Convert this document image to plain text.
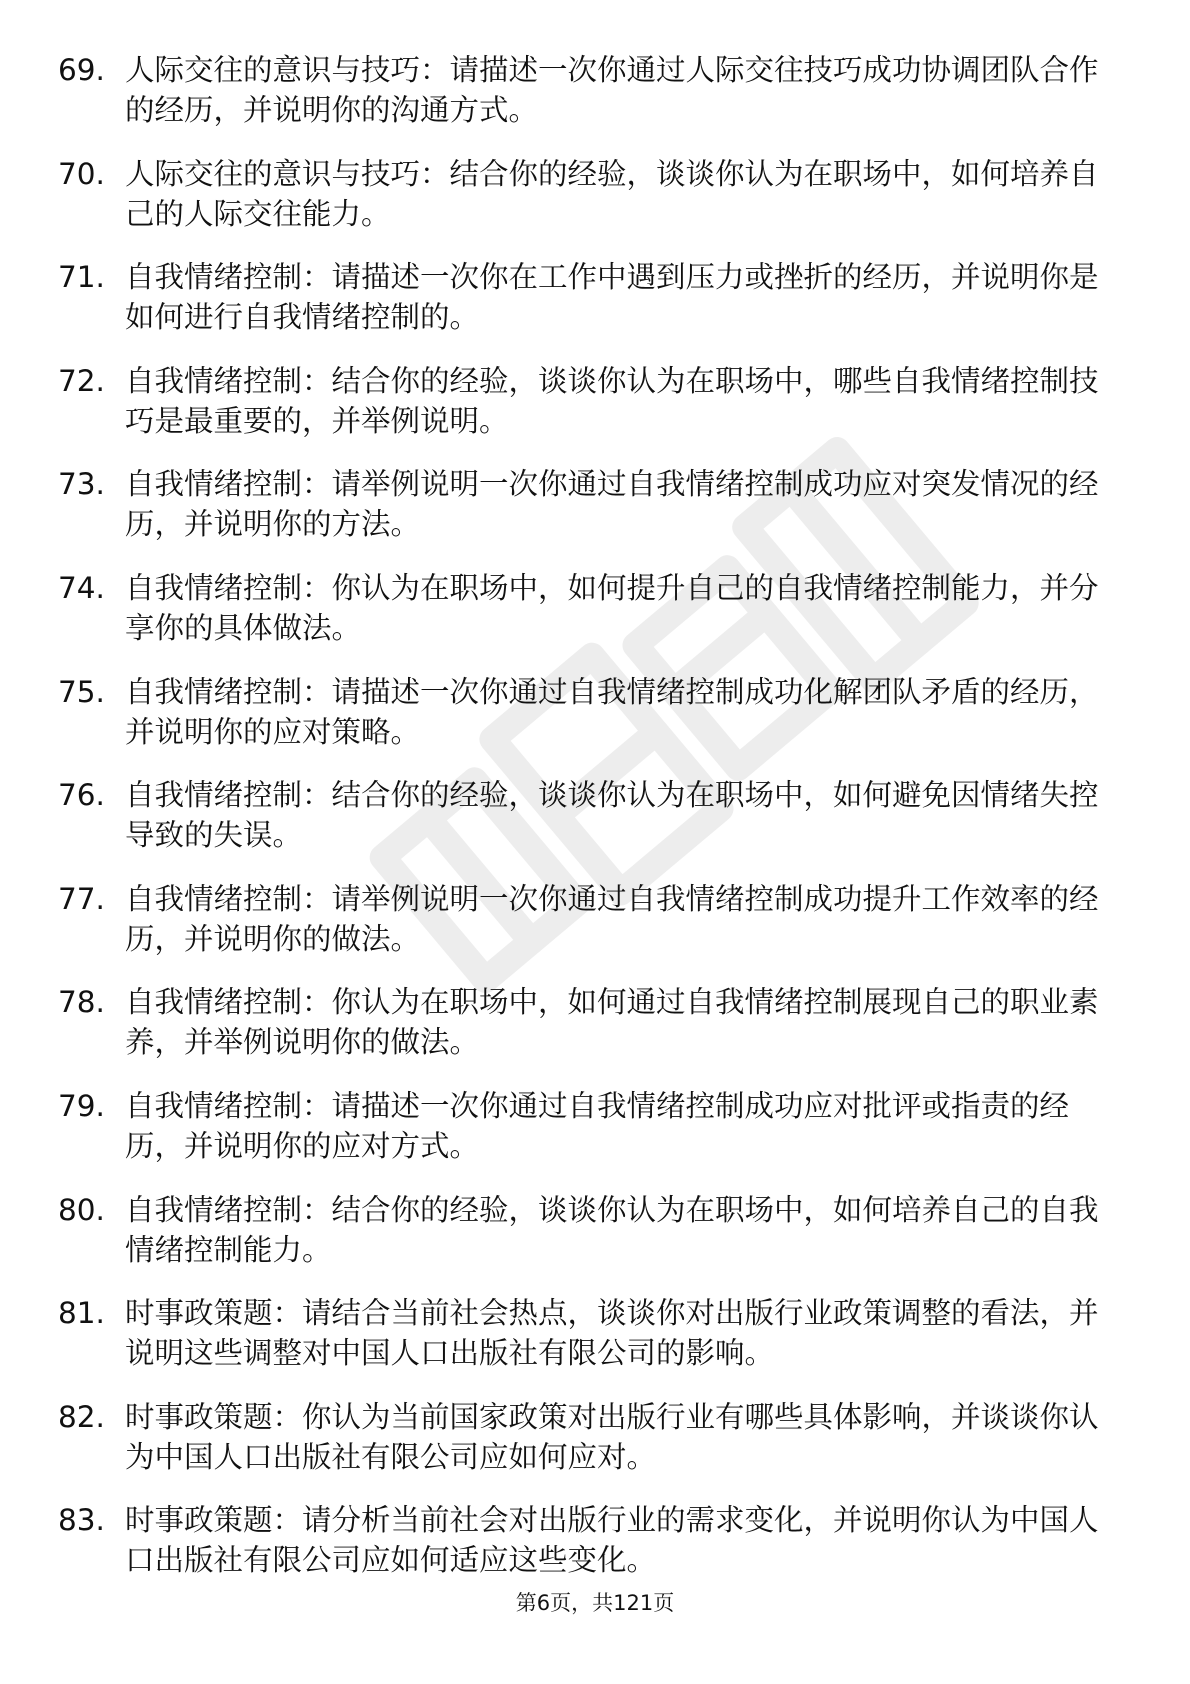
69. 人际交往的意识与技巧：请描述一次你通过人际交往技巧成功协调团队合作的经历，并说明你的沟通方式。
70. 人际交往的意识与技巧：结合你的经验，谈谈你认为在职场中，如何培养自己的人际交往能力。
71. 自我情绪控制：请描述一次你在工作中遇到压力或挫折的经历，并说明你是如何进行自我情绪控制的。
72. 自我情绪控制：结合你的经验，谈谈你认为在职场中，哪些自我情绪控制技巧是最重要的，并举例说明。
73. 自我情绪控制：请举例说明一次你通过自我情绪控制成功应对突发情况的经历，并说明你的方法。
74. 自我情绪控制：你认为在职场中，如何提升自己的自我情绪控制能力，并分享你的具体做法。
75. 自我情绪控制：请描述一次你通过自我情绪控制成功化解团队矛盾的经历，并说明你的应对策略。
76. 自我情绪控制：结合你的经验，谈谈你认为在职场中，如何避免因情绪失控导致的失误。
77. 自我情绪控制：请举例说明一次你通过自我情绪控制成功提升工作效率的经历，并说明你的做法。
78. 自我情绪控制：你认为在职场中，如何通过自我情绪控制展现自己的职业素养，并举例说明你的做法。
79. 自我情绪控制：请描述一次你通过自我情绪控制成功应对批评或指责的经历，并说明你的应对方式。
80. 自我情绪控制：结合你的经验，谈谈你认为在职场中，如何培养自己的自我情绪控制能力。
81. 时事政策题：请结合当前社会热点，谈谈你对出版行业政策调整的看法，并说明这些调整对中国人口出版社有限公司的影响。
82. 时事政策题：你认为当前国家政策对出版行业有哪些具体影响，并谈谈你认为中国人口出版社有限公司应如何应对。
83. 时事政策题：请分析当前社会对出版行业的需求变化，并说明你认为中国人口出版社有限公司应如何适应这些变化。
第6页，共121页
